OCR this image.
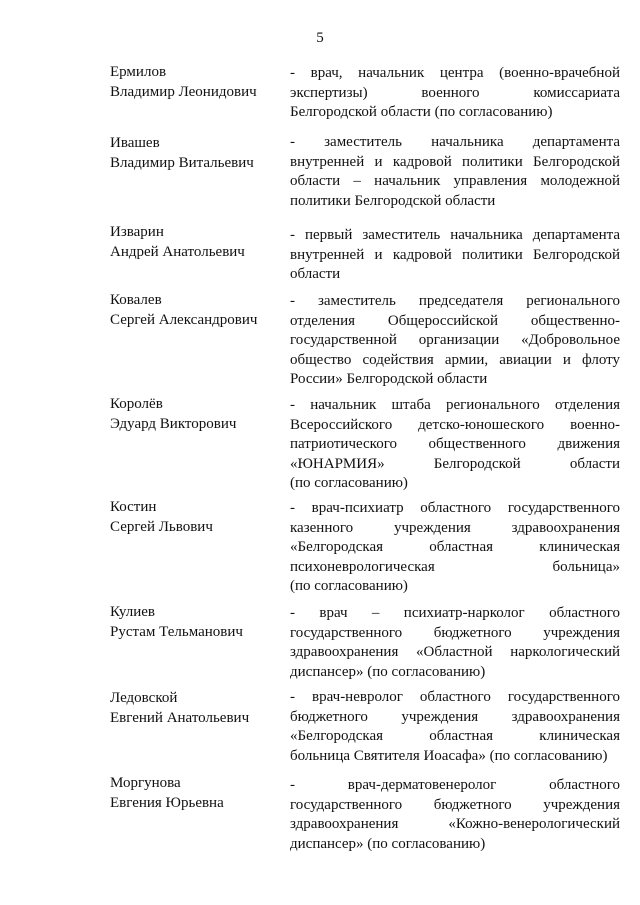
5
Ермилов
Владимир Леонидович
- врач, начальник центра (военно-врачебной
экспертизы) военного комиссариата
Белгородской области (по согласованию)
Ивашев
Владимир Витальевич
- заместитель начальника департамента
внутренней и кадровой политики Белгородской
области – начальник управления молодежной
политики Белгородской области
Изварин
Андрей Анатольевич
- первый заместитель начальника департамента
внутренней и кадровой политики Белгородской
области
Ковалев
Сергей Александрович
- заместитель председателя регионального
отделения Общероссийской общественно-
государственной организации «Добровольное
общество содействия армии, авиации и флоту
России» Белгородской области
Королёв
Эдуард Викторович
- начальник штаба регионального отделения
Всероссийского детско-юношеского военно-
патриотического общественного движения
«ЮНАРМИЯ» Белгородской области
(по согласованию)
Костин
Сергей Львович
- врач-психиатр областного государственного
казенного учреждения здравоохранения
«Белгородская областная клиническая
психоневрологическая больница»
(по согласованию)
Кулиев
Рустам Тельманович
- врач – психиатр-нарколог областного
государственного бюджетного учреждения
здравоохранения «Областной наркологический
диспансер» (по согласованию)
Ледовской
Евгений Анатольевич
- врач-невролог областного государственного
бюджетного учреждения здравоохранения
«Белгородская областная клиническая
больница Святителя Иоасафа» (по согласованию)
Моргунова
Евгения Юрьевна
- врач-дерматовенеролог областного
государственного бюджетного учреждения
здравоохранения «Кожно-венерологический
диспансер» (по согласованию)
